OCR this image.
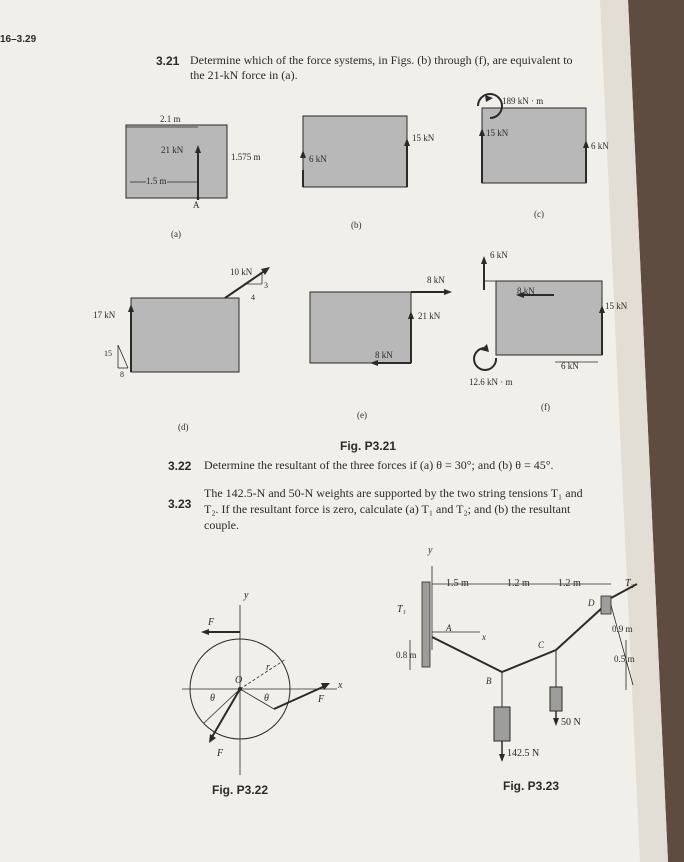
16–3.29
3.21 Determine which of the force systems, in Figs. (b) through (f), are equivalent to
the 21-kN force in (a).
2.1 m
21 kN
1.5 m
1.575 m
A
(a)
6 kN
15 kN
(b)
189 kN · m
15 kN
6 kN
(c)
10 kN
3
4
17 kN
15
8
(d)
8 kN
21 kN
8 kN
(e)
6 kN
8 kN
15 kN
6 kN
12.6 kN · m
(f)
Fig. P3.21
3.22 Determine the resultant of the three forces if (a) θ = 30°; and (b) θ = 45°.
3.23
The 142.5-N and 50-N weights are supported by the two string tensions T₁ and
T₂. If the resultant force is zero, calculate (a) T₁ and T₂; and (b) the resultant
couple.
y
x
F
F
F
O
r
θ	θ
Fig. P3.22
y
T₁
T₂
1.5 m	1.2 m	1.2 m
A
x
B
C
D
0.8 m
0.9 m
0.5 m
142.5 N
50 N
Fig. P3.23
